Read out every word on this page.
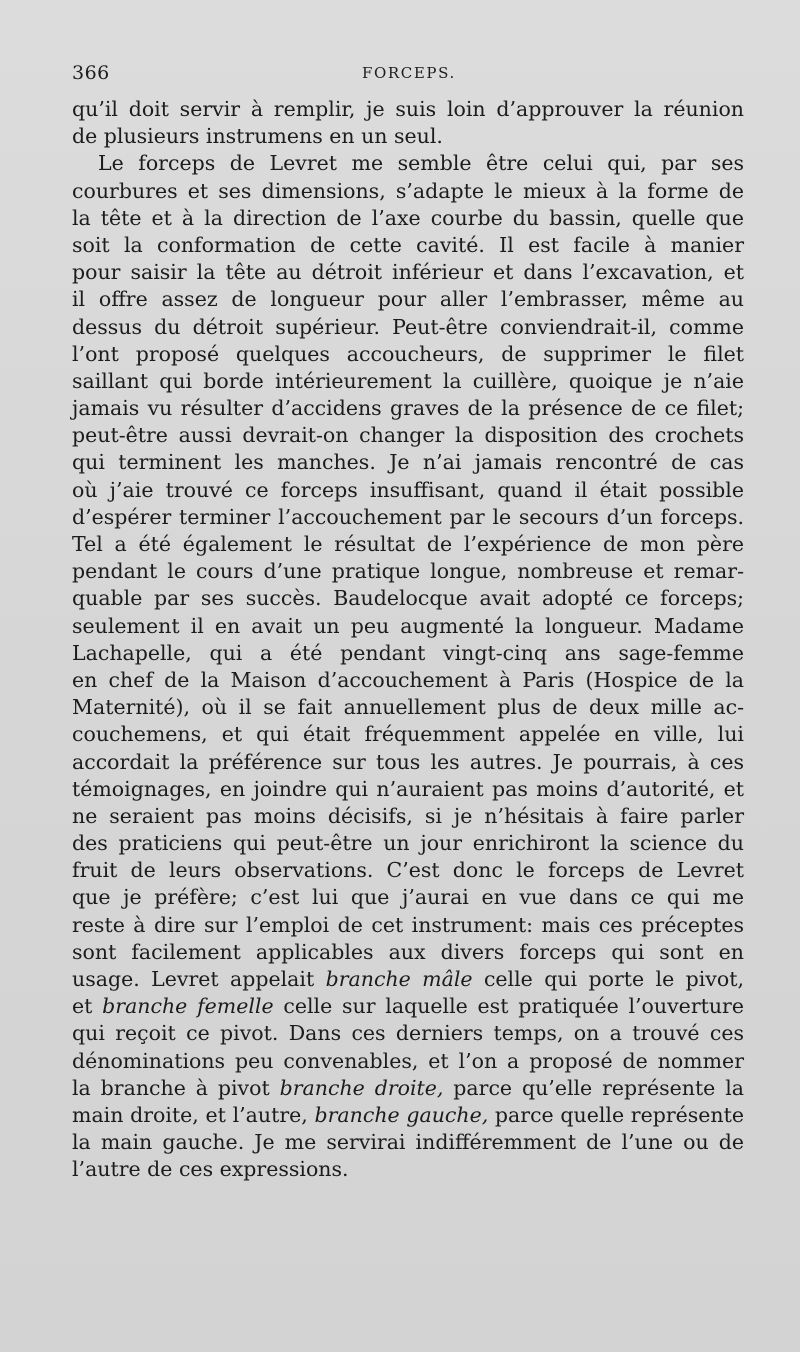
366	FORCEPS.
qu’il doit servir à remplir, je suis loin d’approuver la réunion
de plusieurs instrumens en un seul.
Le forceps de Levret me semble être celui qui, par ses
courbures et ses dimensions, s’adapte le mieux à la forme de
la tête et à la direction de l’axe courbe du bassin, quelle que
soit la conformation de cette cavité. Il est facile à manier
pour saisir la tête au détroit inférieur et dans l’excavation, et
il offre assez de longueur pour aller l’embrasser, même au
dessus du détroit supérieur. Peut-être conviendrait-il, comme
l’ont proposé quelques accoucheurs, de supprimer le filet
saillant qui borde intérieurement la cuillère, quoique je n’aie
jamais vu résulter d’accidens graves de la présence de ce filet;
peut-être aussi devrait-on changer la disposition des crochets
qui terminent les manches. Je n’ai jamais rencontré de cas
où j’aie trouvé ce forceps insuffisant, quand il était possible
d’espérer terminer l’accouchement par le secours d’un forceps.
Tel a été également le résultat de l’expérience de mon père
pendant le cours d’une pratique longue, nombreuse et remar-
quable par ses succès. Baudelocque avait adopté ce forceps;
seulement il en avait un peu augmenté la longueur. Madame
Lachapelle, qui a été pendant vingt-cinq ans sage-femme
en chef de la Maison d’accouchement à Paris (Hospice de la
Maternité), où il se fait annuellement plus de deux mille ac-
couchemens, et qui était fréquemment appelée en ville, lui
accordait la préférence sur tous les autres. Je pourrais, à ces
témoignages, en joindre qui n’auraient pas moins d’autorité, et
ne seraient pas moins décisifs, si je n’hésitais à faire parler
des praticiens qui peut-être un jour enrichiront la science du
fruit de leurs observations. C’est donc le forceps de Levret
que je préfère; c’est lui que j’aurai en vue dans ce qui me
reste à dire sur l’emploi de cet instrument: mais ces préceptes
sont facilement applicables aux divers forceps qui sont en
usage. Levret appelait branche mâle celle qui porte le pivot,
et branche femelle celle sur laquelle est pratiquée l’ouverture
qui reçoit ce pivot. Dans ces derniers temps, on a trouvé ces
dénominations peu convenables, et l’on a proposé de nommer
la branche à pivot branche droite, parce qu’elle représente la
main droite, et l’autre, branche gauche, parce quelle représente
la main gauche. Je me servirai indifféremment de l’une ou de
l’autre de ces expressions.
